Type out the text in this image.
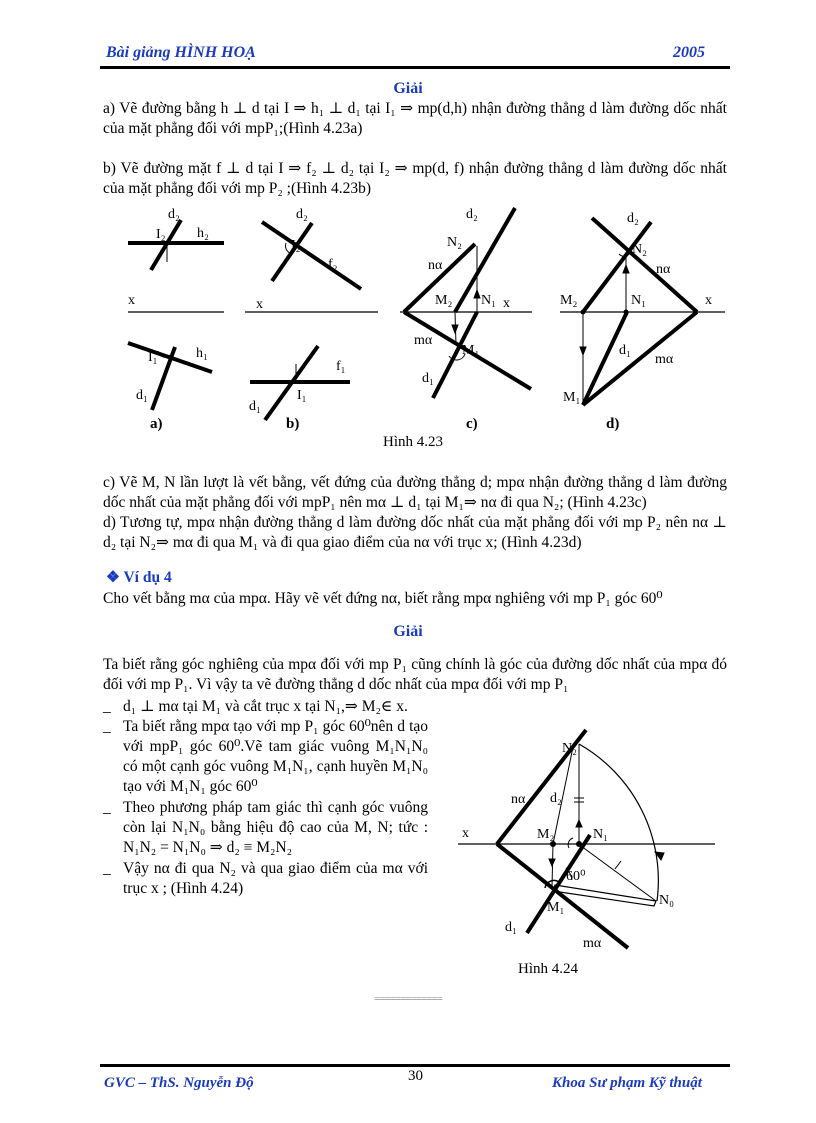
Bài giảng HÌNH HOẠ	2005
Giải
a) Vẽ đường bằng h ⊥ d tại I ⇒ h₁ ⊥ d₁ tại I₁ ⇒ mp(d,h) nhận đường thẳng d làm đường dốc nhất của mặt phẳng đối với mpP₁;(Hình 4.23a)
b) Vẽ đường mặt f ⊥ d tại I ⇒ f₂ ⊥ d₂ tại I₂ ⇒ mp(d, f) nhận đường thẳng d làm đường dốc nhất của mặt phẳng đối với mp P₂ ;(Hình 4.23b)
d₂
I₂ h₂
x
I₁	h₁
d₁
a)
d₂
I₂
f₂
x
f₁
I₁
d₁
b)
d₂
N₂
nα
M₂ N₁ x
mα
M₁
d₁
c)
d₂
N₂
nα
M₂	N₁	x
d₁
mα
M₁
d)
Hình 4.23
c) Vẽ M, N lần lượt là vết bằng, vết đứng của đường thẳng d; mpα nhận đường thẳng d làm đường dốc nhất của mặt phẳng đối với mpP₁ nên mα ⊥ d₁ tại M₁⇒ nα đi qua N₂; (Hình 4.23c)
d) Tương tự, mpα nhận đường thẳng d làm đường dốc nhất của mặt phẳng đối với mp P₂ nên nα ⊥ d₂ tại N₂⇒ mα đi qua M₁ và đi qua giao điểm của nα với trục x; (Hình 4.23d)
❖ Ví dụ 4
Cho vết bằng mα của mpα. Hãy vẽ vết đứng nα, biết rằng mpα nghiêng với mp P₁ góc 60⁰
Giải
Ta biết rằng góc nghiêng của mpα đối với mp P₁ cũng chính là góc của đường dốc nhất của mpα đó đối với mp P₁. Vì vậy ta vẽ đường thẳng d dốc nhất của mpα đối với mp P₁
_ d₁ ⊥ mα tại M₁ và cắt trục x tại N₁,⇒ M₂∈ x.
_ Ta biết rằng mpα tạo với mp P₁ góc 60⁰nên d tạo với mpP₁ góc 60⁰.Vẽ tam giác vuông M₁N₁N₀ có một cạnh góc vuông M₁N₁, cạnh huyền M₁N₀ tạo với M₁N₁ góc 60⁰
_ Theo phương pháp tam giác thì cạnh góc vuông còn lại N₁N₀ bằng hiệu độ cao của M, N; tức : N₁N₂ = N₁N₀ ⇒ d₂ ≡ M₂N₂
_ Vậy nα đi qua N₂ và qua giao điểm của mα với trục x ; (Hình 4.24)
N₂
nα d₂
x	M₂	N₁
60⁰
M₁	N₀
d₁
mα
Hình 4.24
=============
GVC – ThS. Nguyễn Độ	30	Khoa Sư phạm Kỹ thuật
